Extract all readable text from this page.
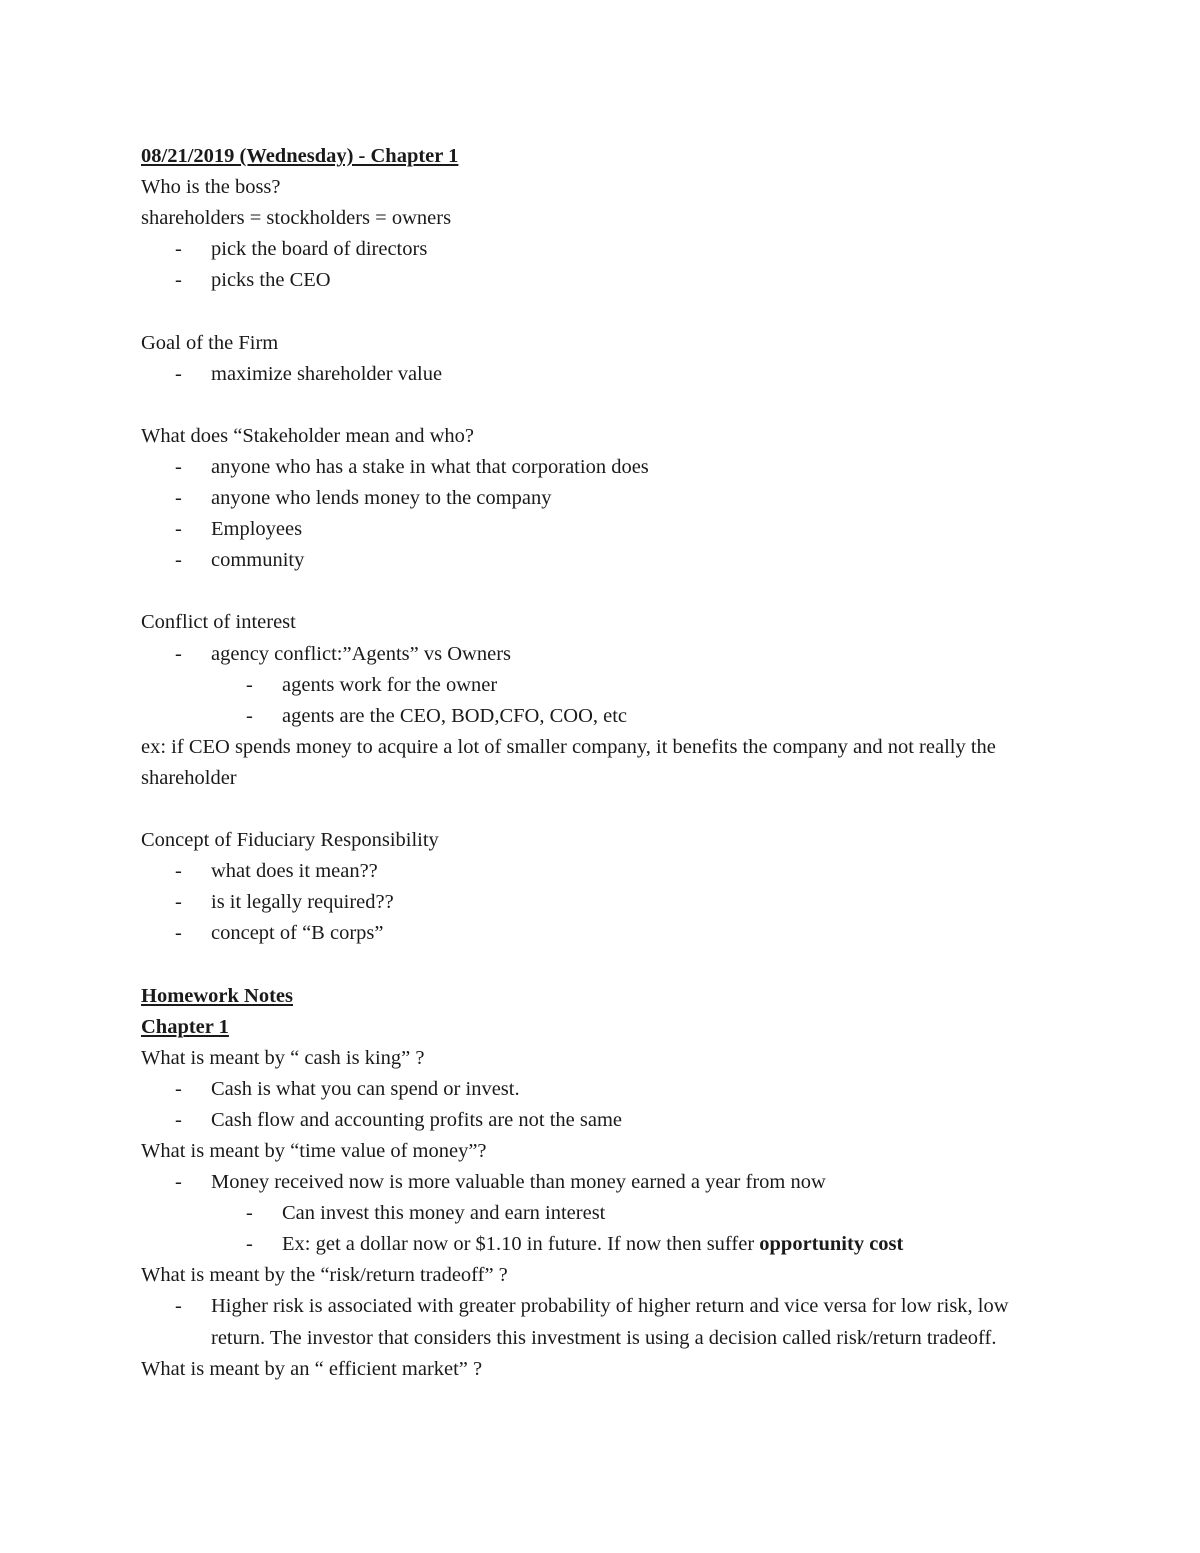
08/21/2019 (Wednesday) - Chapter 1

Who is the boss?

shareholders = stockholders = owners

- pick the board of directors
- picks the CEO

Goal of the Firm

- maximize shareholder value

What does “Stakeholder mean and who?

- anyone who has a stake in what that corporation does
- anyone who lends money to the company
- Employees
- community

Conflict of interest

- agency conflict:”Agents” vs Owners
- agents work for the owner
- agents are the CEO, BOD,CFO, COO, etc

ex: if CEO spends money to acquire a lot of smaller company, it benefits the company and not really the shareholder

Concept of Fiduciary Responsibility

- what does it mean??
- is it legally required??
- concept of “B corps”

Homework Notes

Chapter 1

What is meant by “ cash is king” ?

- Cash is what you can spend or invest.
- Cash flow and accounting profits are not the same

What is meant by “time value of money”?

- Money received now is more valuable than money earned a year from now
- Can invest this money and earn interest
- Ex: get a dollar now or $1.10 in future. If now then suffer opportunity cost

What is meant by the “risk/return tradeoff” ?

- Higher risk is associated with greater probability of higher return and vice versa for low risk, low return. The investor that considers this investment is using a decision called risk/return tradeoff.

What is meant by an “ efficient market” ?
